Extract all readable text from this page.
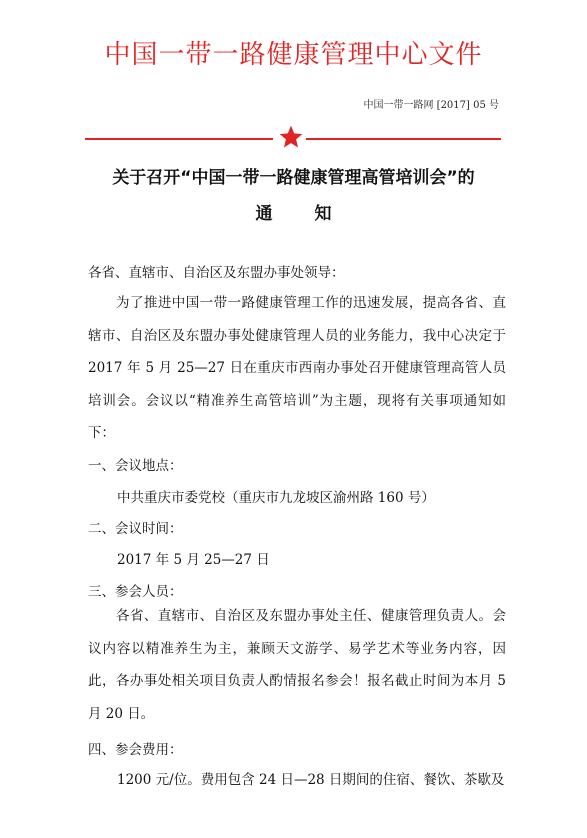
中国一带一路健康管理中心文件
中国一带一路网 [2017] 05 号
关于召开“中国一带一路健康管理高管培训会”的
通知
各省、直辖市、自治区及东盟办事处领导：
为了推进中国一带一路健康管理工作的迅速发展，提高各省、直辖市、自治区及东盟办事处健康管理人员的业务能力，我中心决定于 2017 年 5 月 25—27 日在重庆市西南办事处召开健康管理高管人员培训会。会议以“精准养生高管培训”为主题，现将有关事项通知如下：
一、会议地点：
中共重庆市委党校（重庆市九龙坡区渝州路 160 号）
二、会议时间：
2017 年 5 月 25—27 日
三、参会人员：
各省、直辖市、自治区及东盟办事处主任、健康管理负责人。会议内容以精准养生为主，兼顾天文游学、易学艺术等业务内容，因此，各办事处相关项目负责人酌情报名参会！报名截止时间为本月 5 月 20 日。
四、参会费用：
1200 元/位。费用包含 24 日—28 日期间的住宿、餐饮、茶歇及
